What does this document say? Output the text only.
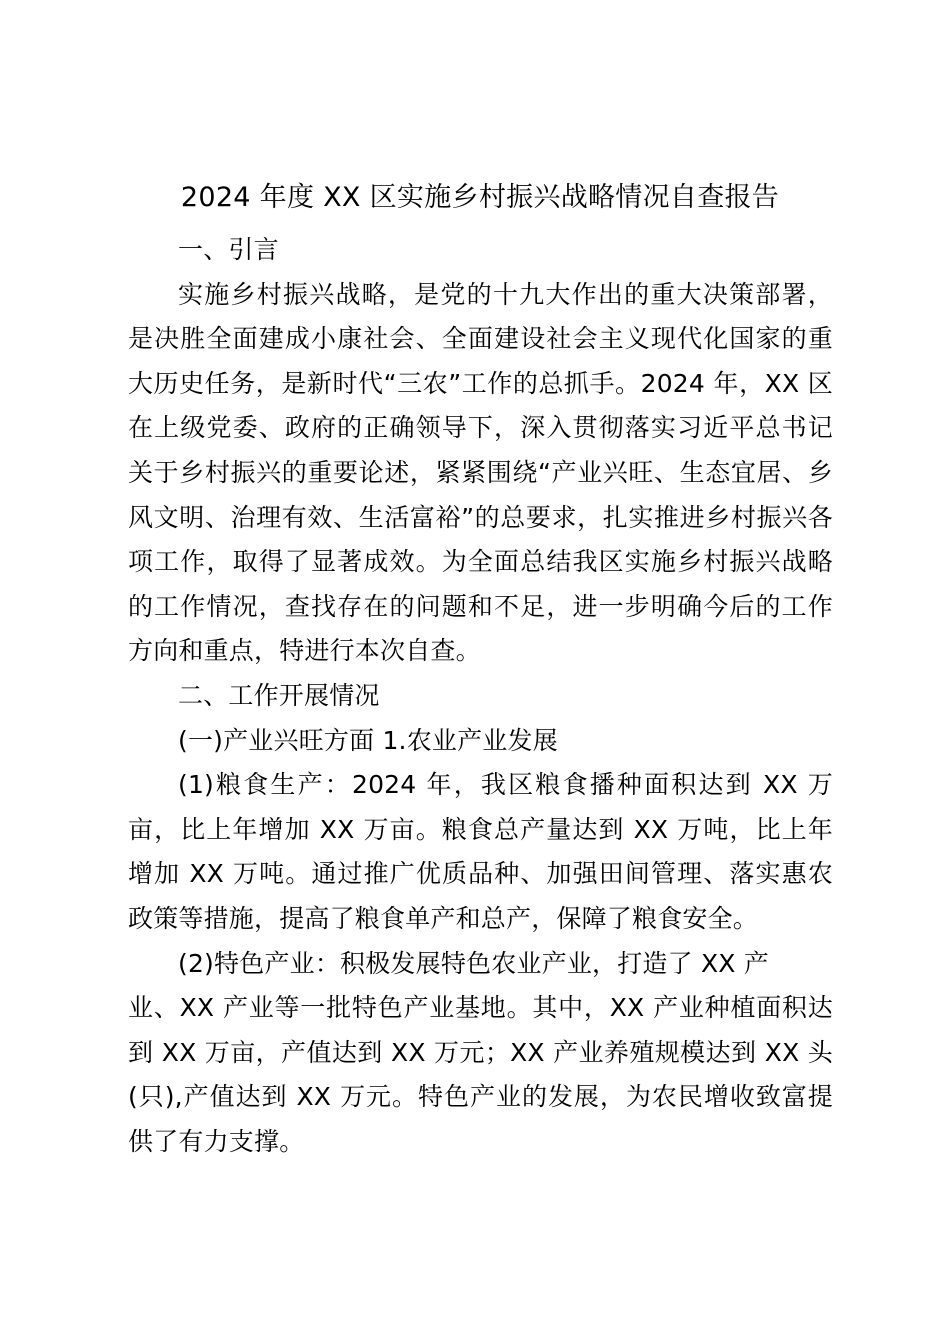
2024 年度 XX 区实施乡村振兴战略情况自查报告

一、引言

实施乡村振兴战略，是党的十九大作出的重大决策部署，是决胜全面建成小康社会、全面建设社会主义现代化国家的重大历史任务，是新时代“三农”工作的总抓手。2024 年，XX 区在上级党委、政府的正确领导下，深入贯彻落实习近平总书记关于乡村振兴的重要论述，紧紧围绕“产业兴旺、生态宜居、乡风文明、治理有效、生活富裕”的总要求，扎实推进乡村振兴各项工作，取得了显著成效。为全面总结我区实施乡村振兴战略的工作情况，查找存在的问题和不足，进一步明确今后的工作方向和重点，特进行本次自查。

二、工作开展情况

(一)产业兴旺方面 1.农业产业发展

(1)粮食生产：2024 年，我区粮食播种面积达到 XX 万亩，比上年增加 XX 万亩。粮食总产量达到 XX 万吨，比上年增加 XX 万吨。通过推广优质品种、加强田间管理、落实惠农政策等措施，提高了粮食单产和总产，保障了粮食安全。

(2)特色产业：积极发展特色农业产业，打造了 XX 产
业、XX 产业等一批特色产业基地。其中，XX 产业种植面积达到 XX 万亩，产值达到 XX 万元；XX 产业养殖规模达到 XX 头(只),产值达到 XX 万元。特色产业的发展，为农民增收致富提供了有力支撑。
